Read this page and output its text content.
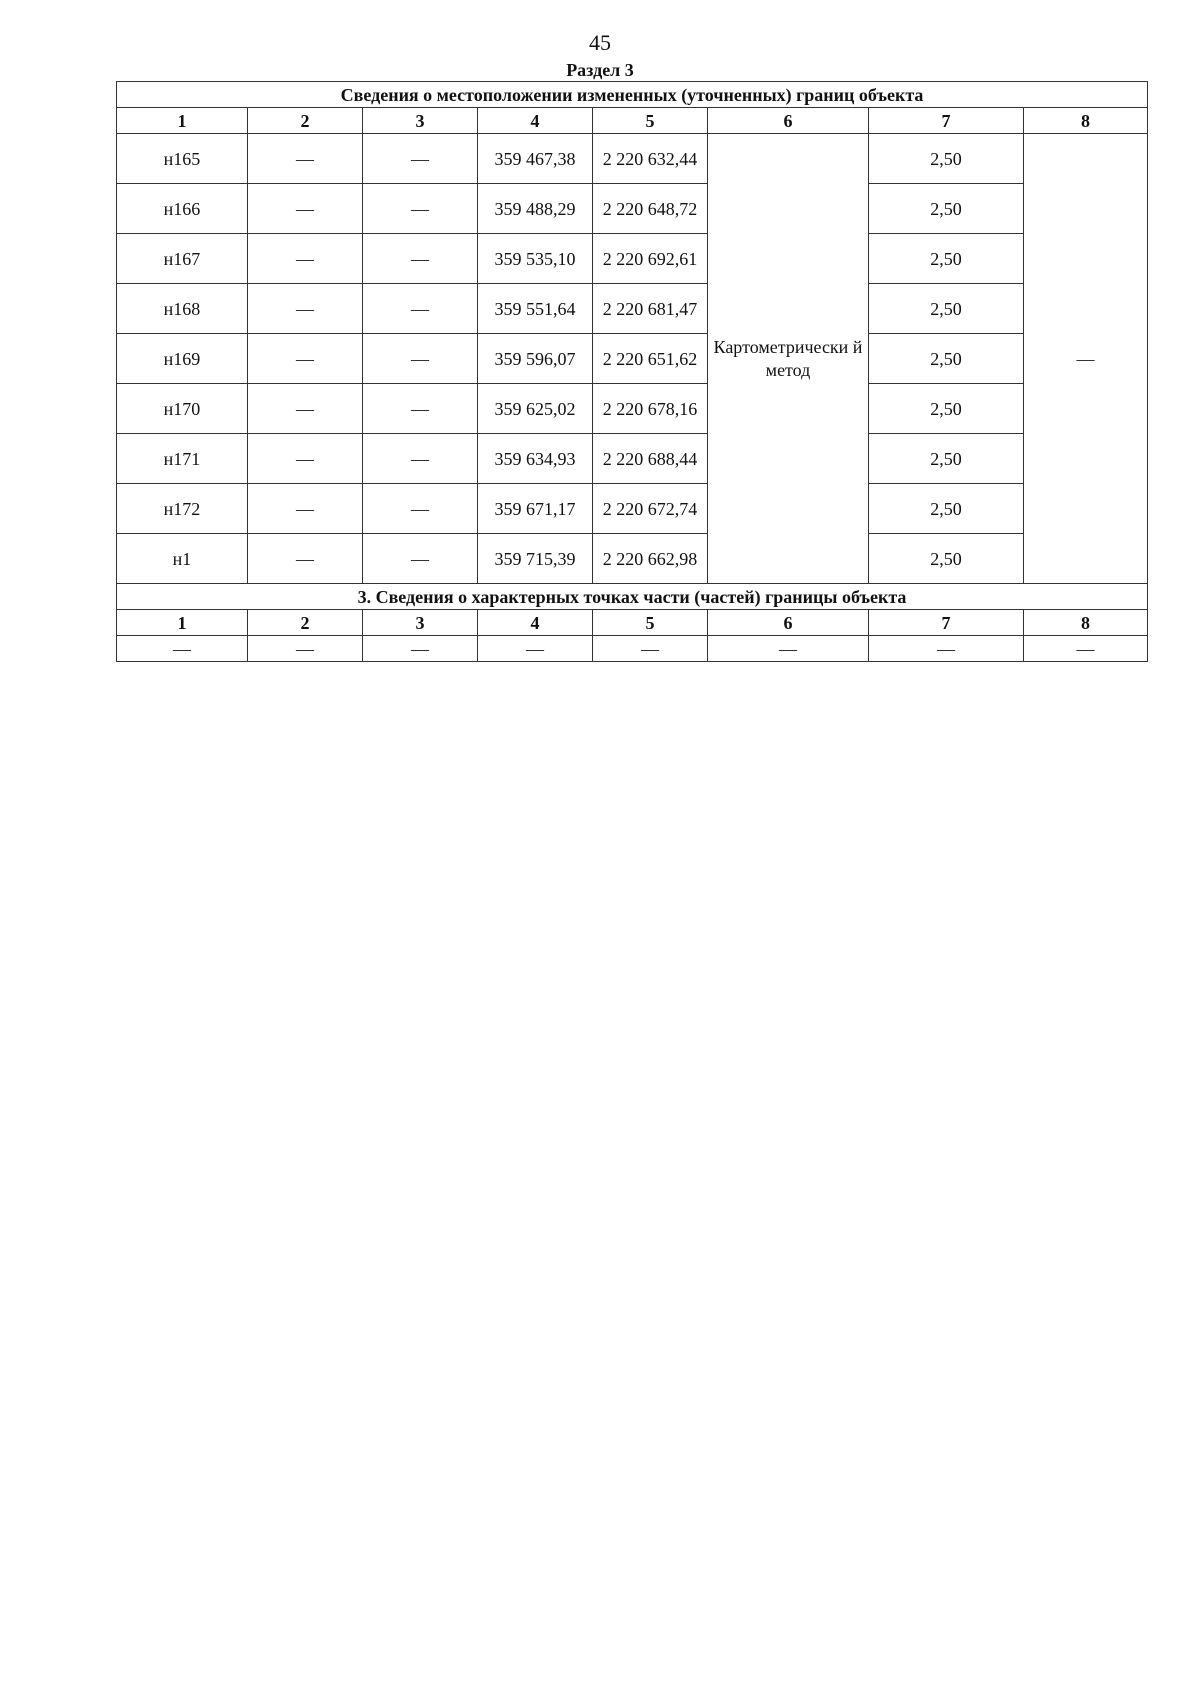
45
Раздел 3
Сведения о местоположении измененных (уточненных) границ объекта							
1	2	3	4	5	6	7	8
н165	—	—	359 467,38	2 220 632,44	Картометрически й метод	2,50	—
н166	—	—	359 488,29	2 220 648,72		2,50	
н167	—	—	359 535,10	2 220 692,61		2,50	
н168	—	—	359 551,64	2 220 681,47		2,50	
н169	—	—	359 596,07	2 220 651,62		2,50	
н170	—	—	359 625,02	2 220 678,16		2,50	
н171	—	—	359 634,93	2 220 688,44		2,50	
н172	—	—	359 671,17	2 220 672,74		2,50	
н1	—	—	359 715,39	2 220 662,98		2,50	
3. Сведения о характерных точках части (частей) границы объекта							
1	2	3	4	5	6	7	8
—	—	—	—	—	—	—	—
